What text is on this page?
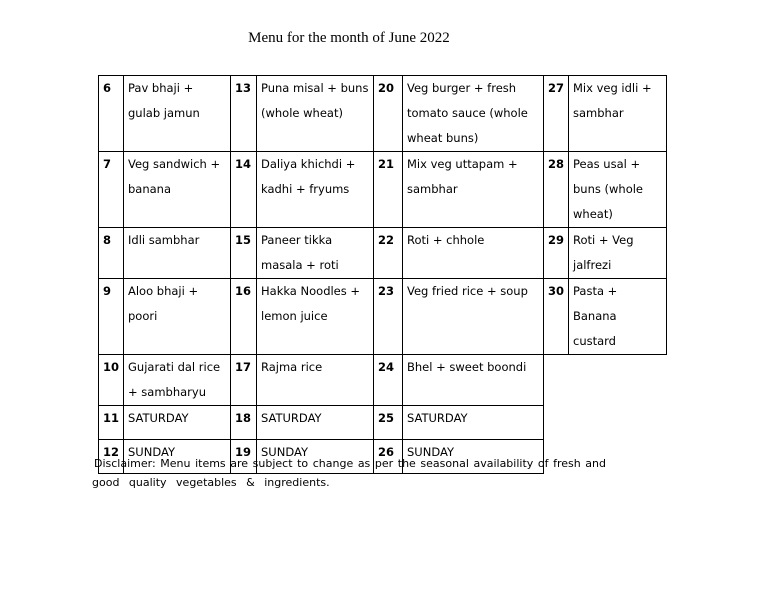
Menu for the month of June 2022
6	Pav bhaji + gulab jamun	13	Puna misal + buns (whole wheat)	20	Veg burger + fresh tomato sauce (whole wheat buns)	27	Mix veg idli + sambhar
7	Veg sandwich + banana	14	Daliya khichdi + kadhi + fryums	21	Mix veg uttapam + sambhar	28	Peas usal + buns (whole wheat)
8	Idli sambhar	15	Paneer tikka masala + roti	22	Roti + chhole	29	Roti + Veg jalfrezi
9	Aloo bhaji + poori	16	Hakka Noodles + lemon juice	23	Veg fried rice + soup	30	Pasta + Banana custard
10	Gujarati dal rice + sambharyu	17	Rajma rice	24	Bhel + sweet boondi		
11	SATURDAY	18	SATURDAY	25	SATURDAY		
12	SUNDAY	19	SUNDAY	26	SUNDAY		
Disclaimer: Menu items are subject to change as per the seasonal availability of fresh and
good quality vegetables & ingredients.
